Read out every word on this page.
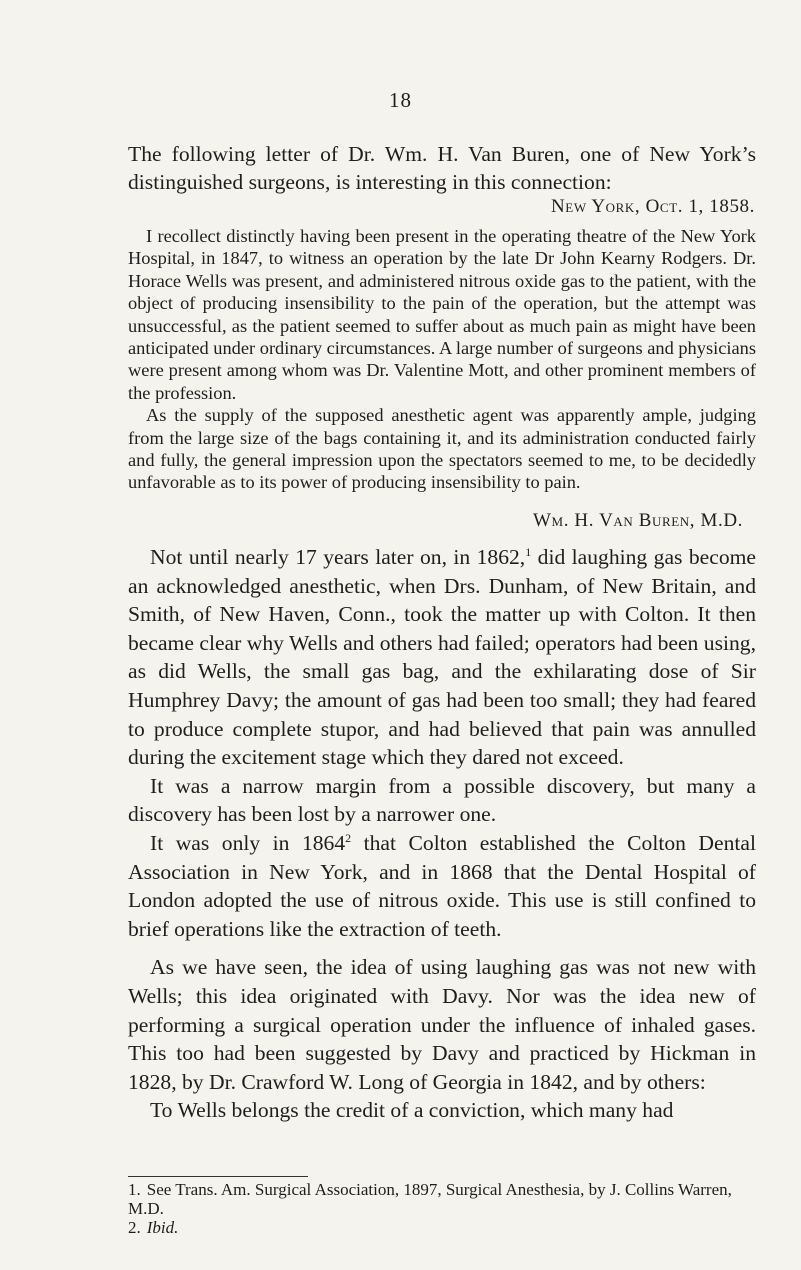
18
The following letter of Dr. Wm. H. Van Buren, one of New York’s distinguished surgeons, is interesting in this connection:
New York, Oct. 1, 1858.

I recollect distinctly having been present in the operating theatre of the New York Hospital, in 1847, to witness an operation by the late Dr John Kearny Rodgers. Dr. Horace Wells was present, and administered nitrous oxide gas to the patient, with the object of producing insensibility to the pain of the operation, but the attempt was unsuccessful, as the patient seemed to suffer about as much pain as might have been anticipated under ordinary circumstances. A large number of surgeons and physicians were present among whom was Dr. Valentine Mott, and other prominent members of the profession.

As the supply of the supposed anesthetic agent was apparently ample, judging from the large size of the bags containing it, and its administration conducted fairly and fully, the general impression upon the spectators seemed to me, to be decidedly unfavorable as to its power of producing insensibility to pain.

Wm. H. Van Buren, M.D.

Not until nearly 17 years later on, in 1862,$^1$ did laughing gas become an acknowledged anesthetic, when Drs. Dunham, of New Britain, and Smith, of New Haven, Conn., took the matter up with Colton. It then became clear why Wells and others had failed; operators had been using, as did Wells, the small gas bag, and the exhilarating dose of Sir Humphrey Davy; the amount of gas had been too small; they had feared to produce complete stupor, and had believed that pain was annulled during the excitement stage which they dared not exceed.

It was a narrow margin from a possible discovery, but many a discovery has been lost by a narrower one.

It was only in 1864$^2$ that Colton established the Colton Dental Association in New York, and in 1868 that the Dental Hospital of London adopted the use of nitrous oxide. This use is still confined to brief operations like the extraction of teeth.

As we have seen, the idea of using laughing gas was not new with Wells; this idea originated with Davy. Nor was the idea new of performing a surgical operation under the influence of inhaled gases. This too had been suggested by Davy and practiced by Hickman in 1828, by Dr. Crawford W. Long of Georgia in 1842, and by others:

To Wells belongs the credit of a conviction, which many had

1. See Trans. Am. Surgical Association, 1897, Surgical Anesthesia, by J. Collins Warren, M.D.

2. Ibid.
